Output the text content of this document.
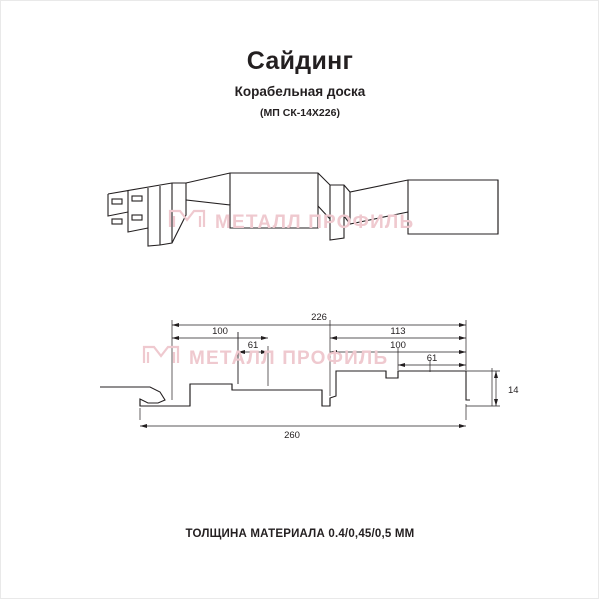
Сайдинг
Корабельная доска
(МП СК-14Х226)
226
100
61
113
100
61
14
260
МЕТАЛЛ ПРОФИЛЬ
МЕТАЛЛ ПРОФИЛЬ
ТОЛЩИНА МАТЕРИАЛА 0.4/0,45/0,5 ММ
